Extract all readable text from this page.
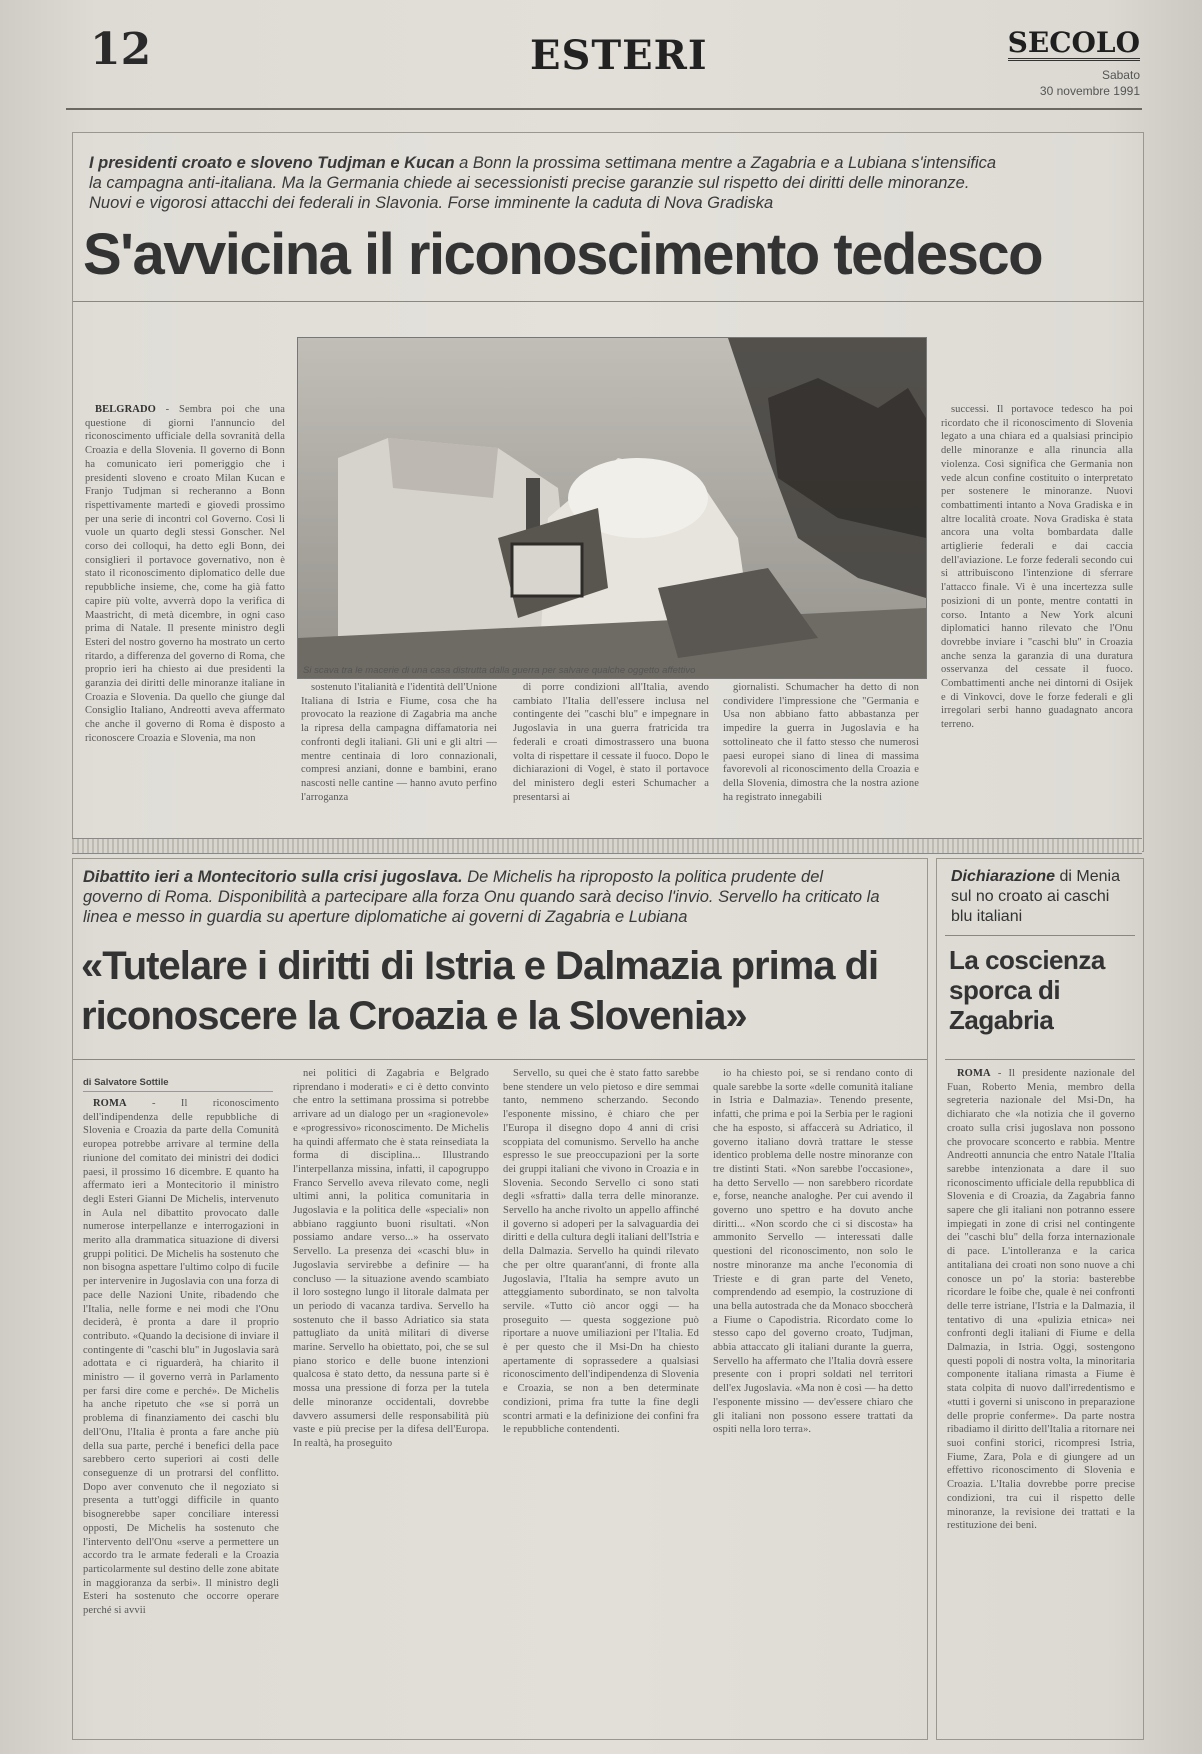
12	ESTERI	SECOLO
Sabato
30 novembre 1991
I presidenti croato e sloveno Tudjman e Kucan a Bonn la prossima settimana mentre a Zagabria e a Lubiana s'intensifica la campagna anti-italiana. Ma la Germania chiede ai secessionisti precise garanzie sul rispetto dei diritti delle minoranze. Nuovi e vigorosi attacchi dei federali in Slavonia. Forse imminente la caduta di Nova Gradiska
S'avvicina il riconoscimento tedesco
Si scava tra le macerie di una casa distrutta dalla guerra per salvare qualche oggetto affettivo

BELGRADO - Sembra poi che una questione di giorni l'annuncio del riconoscimento ufficiale della sovranità della Croazia e della Slovenia. Il governo di Bonn ha comunicato ieri pomeriggio che i presidenti sloveno e croato Milan Kucan e Franjo Tudjman si recheranno a Bonn rispettivamente martedì e giovedì prossimo per una serie di incontri col Governo. Così li vuole un quarto degli stessi Gonscher. Nel corso dei colloqui, ha detto egli Bonn, dei consiglieri il portavoce governativo, non è stato il riconoscimento diplomatico delle due repubbliche insieme, che, come ha già fatto capire più volte, avverrà dopo la verifica di Maastricht, di metà dicembre, in ogni caso prima di Natale. Il presente ministro degli Esteri del nostro governo ha mostrato un certo ritardo, a differenza del governo di Roma, che proprio ieri ha chiesto ai due presidenti la garanzia dei diritti delle minoranze italiane in Croazia e Slovenia. Da quello che giunge dal Consiglio Italiano, Andreotti aveva affermato che anche il governo di Roma è disposto a riconoscere Croazia e Slovenia, ma non

sostenuto l'italianità e l'identità dell'Unione Italiana di Istria e Fiume, cosa che ha provocato la reazione di Zagabria ma anche la ripresa della campagna diffamatoria nei confronti degli italiani. Gli uni e gli altri — mentre centinaia di loro connazionali, compresi anziani, donne e bambini, erano nascosti nelle cantine — hanno avuto perfino l'arroganza

di porre condizioni all'Italia, avendo cambiato l'Italia dell'essere inclusa nel contingente dei "caschi blu" e impegnare in Jugoslavia in una guerra fratricida tra federali e croati dimostrassero una buona volta di rispettare il cessate il fuoco. Dopo le dichiarazioni di Vogel, è stato il portavoce del ministero degli esteri Schumacher a presentarsi ai

giornalisti. Schumacher ha detto di non condividere l'impressione che "Germania e Usa non abbiano fatto abbastanza per impedire la guerra in Jugoslavia e ha sottolineato che il fatto stesso che numerosi paesi europei siano di linea di massima favorevoli al riconoscimento della Croazia e della Slovenia, dimostra che la nostra azione ha registrato innegabili

successi. Il portavoce tedesco ha poi ricordato che il riconoscimento di Slovenia legato a una chiara ed a qualsiasi principio delle minoranze e alla rinuncia alla violenza. Così significa che Germania non vede alcun confine costituito o interpretato per sostenere le minoranze. Nuovi combattimenti intanto a Nova Gradiska e in altre località croate. Nova Gradiska è stata ancora una volta bombardata dalle artiglierie federali e dai caccia dell'aviazione. Le forze federali secondo cui si attribuiscono l'intenzione di sferrare l'attacco finale. Vi è una incertezza sulle posizioni di un ponte, mentre contatti in corso. Intanto a New York alcuni diplomatici hanno rilevato che l'Onu dovrebbe inviare i "caschi blu" in Croazia anche senza la garanzia di una duratura osservanza del cessate il fuoco. Combattimenti anche nei dintorni di Osijek e di Vinkovci, dove le forze federali e gli irregolari serbi hanno guadagnato ancora terreno.

Dibattito ieri a Montecitorio sulla crisi jugoslava. De Michelis ha riproposto la politica prudente del governo di Roma. Disponibilità a partecipare alla forza Onu quando sarà deciso l'invio. Servello ha criticato la linea e messo in guardia su aperture diplomatiche ai governi di Zagabria e Lubiana
«Tutelare i diritti di Istria e Dalmazia prima di riconoscere la Croazia e la Slovenia»
di Salvatore Sottile

ROMA - Il riconoscimento dell'indipendenza delle repubbliche di Slovenia e Croazia da parte della Comunità europea potrebbe arrivare al termine della riunione del comitato dei ministri dei dodici paesi, il prossimo 16 dicembre. E quanto ha affermato ieri a Montecitorio il ministro degli Esteri Gianni De Michelis, intervenuto in Aula nel dibattito provocato dalle numerose interpellanze e interrogazioni in merito alla drammatica situazione di diversi gruppi politici. De Michelis ha sostenuto che non bisogna aspettare l'ultimo colpo di fucile per intervenire in Jugoslavia con una forza di pace delle Nazioni Unite, ribadendo che l'Italia, nelle forme e nei modi che l'Onu deciderà, è pronta a dare il proprio contributo. «Quando la decisione di inviare il contingente di "caschi blu" in Jugoslavia sarà adottata e ci riguarderà, ha chiarito il ministro — il governo verrà in Parlamento per farsi dire come e perché». De Michelis ha anche ripetuto che «se si porrà un problema di finanziamento dei caschi blu dell'Onu, l'Italia è pronta a fare anche più della sua parte, perché i benefici della pace sarebbero certo superiori ai costi delle conseguenze di un protrarsi del conflitto. Dopo aver convenuto che il negoziato si presenta a tutt'oggi difficile in quanto bisognerebbe saper conciliare interessi opposti, De Michelis ha sostenuto che l'intervento dell'Onu «serve a permettere un accordo tra le armate federali e la Croazia particolarmente sul destino delle zone abitate in maggioranza da serbi». Il ministro degli Esteri ha sostenuto che occorre operare perché si avvii

nei politici di Zagabria e Belgrado riprendano i moderati» e ci è detto convinto che entro la settimana prossima si potrebbe arrivare ad un dialogo per un «ragionevole» e «progressivo» riconoscimento. De Michelis ha quindi affermato che è stata reinsediata la forma di disciplina... Illustrando l'interpellanza missina, infatti, il capogruppo Franco Servello aveva rilevato come, negli ultimi anni, la politica comunitaria in Jugoslavia e la politica delle «speciali» non abbiano raggiunto buoni risultati. «Non possiamo andare verso...» ha osservato Servello. La presenza dei «caschi blu» in Jugoslavia servirebbe a definire — ha concluso — la situazione avendo scambiato il loro sostegno lungo il litorale dalmata per un periodo di vacanza tardiva. Servello ha sostenuto che il basso Adriatico sia stata pattugliato da unità militari di diverse marine. Servello ha obiettato, poi, che se sul piano storico e delle buone intenzioni qualcosa è stato detto, da nessuna parte si è mossa una pressione di forza per la tutela delle minoranze occidentali, dovrebbe davvero assumersi delle responsabilità più vaste e più precise per la difesa dell'Europa. In realtà, ha proseguito

Servello, su quei che è stato fatto sarebbe bene stendere un velo pietoso e dire semmai tanto, nemmeno scherzando. Secondo l'esponente missino, è chiaro che per l'Europa il disegno dopo 4 anni di crisi scoppiata del comunismo. Servello ha anche espresso le sue preoccupazioni per la sorte dei gruppi italiani che vivono in Croazia e in Slovenia. Secondo Servello ci sono stati degli «sfratti» dalla terra delle minoranze. Servello ha anche rivolto un appello affinché il governo si adoperi per la salvaguardia dei diritti e della cultura degli italiani dell'Istria e della Dalmazia. Servello ha quindi rilevato che per oltre quarant'anni, di fronte alla Jugoslavia, l'Italia ha sempre avuto un atteggiamento subordinato, se non talvolta servile. «Tutto ciò ancor oggi — ha proseguito — questa soggezione può riportare a nuove umiliazioni per l'Italia. Ed è per questo che il Msi-Dn ha chiesto apertamente di soprassedere a qualsiasi riconoscimento dell'indipendenza di Slovenia e Croazia, se non a ben determinate condizioni, prima fra tutte la fine degli scontri armati e la definizione dei confini fra le repubbliche contendenti.

io ha chiesto poi, se si rendano conto di quale sarebbe la sorte «delle comunità italiane in Istria e Dalmazia». Tenendo presente, infatti, che prima e poi la Serbia per le ragioni che ha esposto, si affaccerà su Adriatico, il governo italiano dovrà trattare le stesse identico problema delle nostre minoranze con tre distinti Stati. «Non sarebbe l'occasione», ha detto Servello — non sarebbero ricordate e, forse, neanche analoghe. Per cui avendo il governo uno spettro e ha dovuto anche diritti... «Non scordo che ci si discosta» ha ammonito Servello — interessati dalle questioni del riconoscimento, non solo le nostre minoranze ma anche l'economia di Trieste e di gran parte del Veneto, comprendendo ad esempio, la costruzione di una bella autostrada che da Monaco sboccherà a Fiume o Capodistria. Ricordato come lo stesso capo del governo croato, Tudjman, abbia attaccato gli italiani durante la guerra, Servello ha affermato che l'Italia dovrà essere presente con i propri soldati nel territori dell'ex Jugoslavia. «Ma non è così — ha detto l'esponente missino — dev'essere chiaro che gli italiani non possono essere trattati da ospiti nella loro terra».

Dichiarazione di Menia sul no croato ai caschi blu italiani
La coscienza sporca di Zagabria

ROMA - Il presidente nazionale del Fuan, Roberto Menia, membro della segreteria nazionale del Msi-Dn, ha dichiarato che «la notizia che il governo croato sulla crisi jugoslava non possono che provocare sconcerto e rabbia. Mentre Andreotti annuncia che entro Natale l'Italia sarebbe intenzionata a dare il suo riconoscimento ufficiale della repubblica di Slovenia e di Croazia, da Zagabria fanno sapere che gli italiani non potranno essere impiegati in zone di crisi nel contingente dei "caschi blu" della forza internazionale di pace. L'intolleranza e la carica antitaliana dei croati non sono nuove a chi conosce un po' la storia: basterebbe ricordare le foibe che, quale è nei confronti delle terre istriane, l'Istria e la Dalmazia, il tentativo di una «pulizia etnica» nei confronti degli italiani di Fiume e della Dalmazia, in Istria. Oggi, sostengono questi popoli di nostra volta, la minoritaria componente italiana rimasta a Fiume è stata colpita di nuovo dall'irredentismo e «tutti i governi si uniscono in preparazione delle proprie conferme». Da parte nostra ribadiamo il diritto dell'Italia a ritornare nei suoi confini storici, ricompresi Istria, Fiume, Zara, Pola e di giungere ad un effettivo riconoscimento di Slovenia e Croazia. L'Italia dovrebbe porre precise condizioni, tra cui il rispetto delle minoranze, la revisione dei trattati e la restituzione dei beni.
